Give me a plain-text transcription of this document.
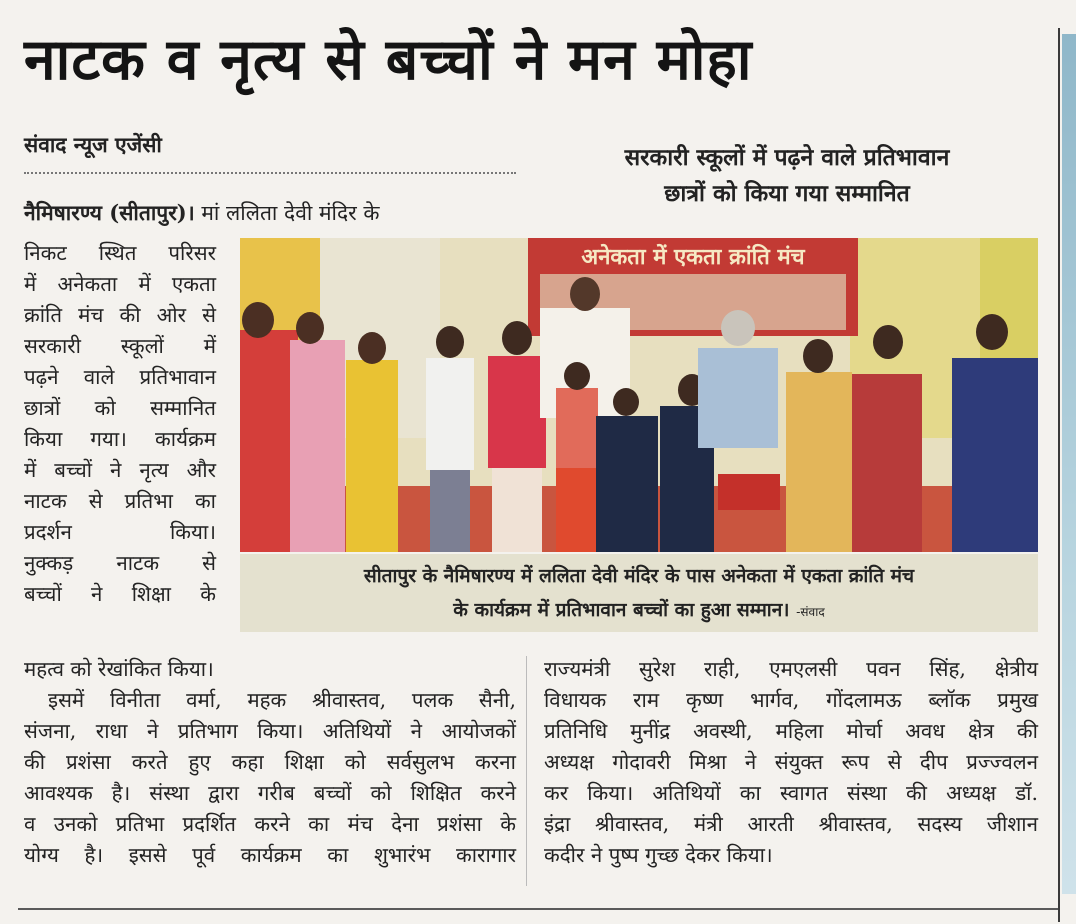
नाटक व नृत्य से बच्चों ने मन मोहा
संवाद न्यूज एजेंसी	सरकारी स्कूलों में पढ़ने वाले प्रतिभावान
छात्रों को किया गया सम्मानित
नैमिषारण्य (सीतापुर)। मां ललिता देवी मंदिर के

निकट स्थित परिसर

में अनेकता में एकता

क्रांति मंच की ओर से

सरकारी स्कूलों में

पढ़ने वाले प्रतिभावान

छात्रों को सम्मानित

किया गया। कार्यक्रम

में बच्चों ने नृत्य और

नाटक से प्रतिभा का

प्रदर्शन किया।

नुक्कड़ नाटक से

बच्चों ने शिक्षा के

अनेकता में एकता क्रांति मंच
सीतापुर के नैमिषारण्य में ललिता देवी मंदिर के पास अनेकता में एकता क्रांति मंच
के कार्यक्रम में प्रतिभावान बच्चों का हुआ सम्मान। -संवाद

महत्व को रेखांकित किया।

इसमें विनीता वर्मा, महक श्रीवास्तव, पलक सैनी,

संजना, राधा ने प्रतिभाग किया। अतिथियों ने आयोजकों

की प्रशंसा करते हुए कहा शिक्षा को सर्वसुलभ करना

आवश्यक है। संस्था द्वारा गरीब बच्चों को शिक्षित करने

व उनको प्रतिभा प्रदर्शित करने का मंच देना प्रशंसा के

योग्य है। इससे पूर्व कार्यक्रम का शुभारंभ कारागार

राज्यमंत्री सुरेश राही, एमएलसी पवन सिंह, क्षेत्रीय

विधायक राम कृष्ण भार्गव, गोंदलामऊ ब्लॉक प्रमुख

प्रतिनिधि मुनींद्र अवस्थी, महिला मोर्चा अवध क्षेत्र की

अध्यक्ष गोदावरी मिश्रा ने संयुक्त रूप से दीप प्रज्ज्वलन

कर किया। अतिथियों का स्वागत संस्था की अध्यक्ष डॉ.

इंद्रा श्रीवास्तव, मंत्री आरती श्रीवास्तव, सदस्य जीशान

कदीर ने पुष्प गुच्छ देकर किया।
